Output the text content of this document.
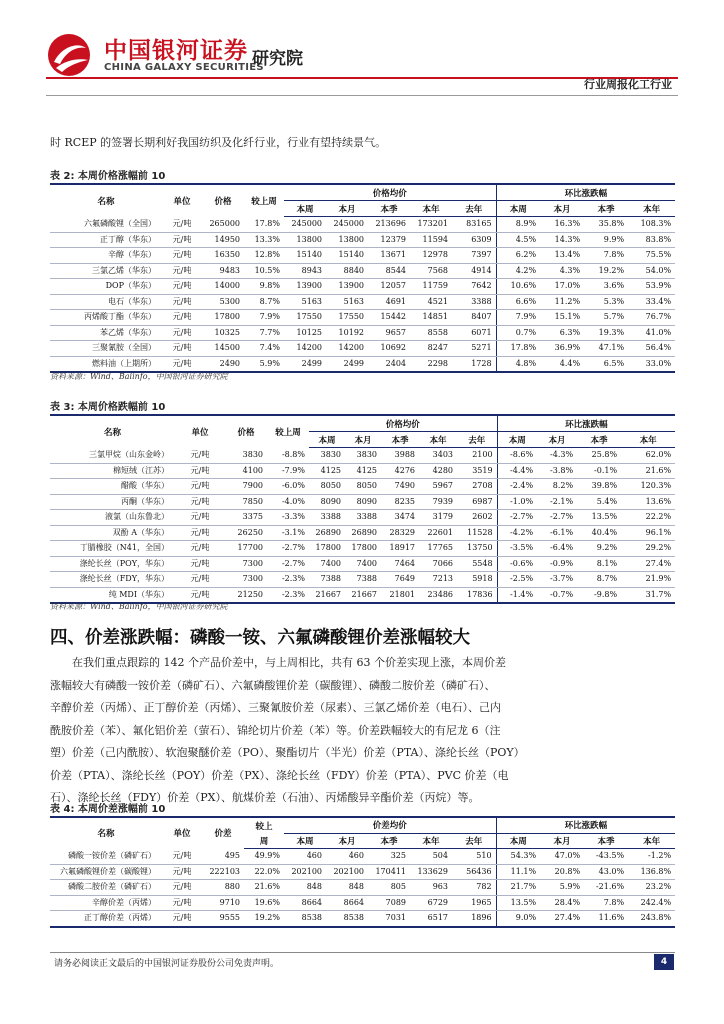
中国银河证券
CHINA GALAXY SECURITIES
研究院
行业周报化工行业
时 RCEP 的签署长期利好我国纺织及化纤行业，行业有望持续景气。
表 2: 本周价格涨幅前 10
名称	单位	价格	较上周	价格均价					环比涨跌幅			
				本周	本月	本季	本年	去年	本周	本月	本季	本年
六氟磷酸锂（全国）	元/吨	265000	17.8%	245000	245000	213696	173201	83165	8.9%	16.3%	35.8%	108.3%
正丁醇（华东）	元/吨	14950	13.3%	13800	13800	12379	11594	6309	4.5%	14.3%	9.9%	83.8%
辛醇（华东）	元/吨	16350	12.8%	15140	15140	13671	12978	7397	6.2%	13.4%	7.8%	75.5%
三氯乙烯（华东）	元/吨	9483	10.5%	8943	8840	8544	7568	4914	4.2%	4.3%	19.2%	54.0%
DOP（华东）	元/吨	14000	9.8%	13900	13900	12057	11759	7642	10.6%	17.0%	3.6%	53.9%
电石（华东）	元/吨	5300	8.7%	5163	5163	4691	4521	3388	6.6%	11.2%	5.3%	33.4%
丙烯酸丁酯（华东）	元/吨	17800	7.9%	17550	17550	15442	14851	8407	7.9%	15.1%	5.7%	76.7%
苯乙烯（华东）	元/吨	10325	7.7%	10125	10192	9657	8558	6071	0.7%	6.3%	19.3%	41.0%
三聚氰胺（全国）	元/吨	14500	7.4%	14200	14200	10692	8247	5271	17.8%	36.9%	47.1%	56.4%
燃料油（上期所）	元/吨	2490	5.9%	2499	2499	2404	2298	1728	4.8%	4.4%	6.5%	33.0%
资料来源：Wind、Baiinfo，中国银河证券研究院
表 3: 本周价格跌幅前 10
名称	单位	价格	较上周	价格均价					环比涨跌幅			
				本周	本月	本季	本年	去年	本周	本月	本季	本年
三氯甲烷（山东金岭）	元/吨	3830	-8.8%	3830	3830	3988	3403	2100	-8.6%	-4.3%	25.8%	62.0%
棉短绒（江苏）	元/吨	4100	-7.9%	4125	4125	4276	4280	3519	-4.4%	-3.8%	-0.1%	21.6%
醋酸（华东）	元/吨	7900	-6.0%	8050	8050	7490	5967	2708	-2.4%	8.2%	39.8%	120.3%
丙酮（华东）	元/吨	7850	-4.0%	8090	8090	8235	7939	6987	-1.0%	-2.1%	5.4%	13.6%
液氯（山东鲁北）	元/吨	3375	-3.3%	3388	3388	3474	3179	2602	-2.7%	-2.7%	13.5%	22.2%
双酚 A（华东）	元/吨	26250	-3.1%	26890	26890	28329	22601	11528	-4.2%	-6.1%	40.4%	96.1%
丁腈橡胶（N41，全国）	元/吨	17700	-2.7%	17800	17800	18917	17765	13750	-3.5%	-6.4%	9.2%	29.2%
涤纶长丝（POY，华东）	元/吨	7300	-2.7%	7400	7400	7464	7066	5548	-0.6%	-0.9%	8.1%	27.4%
涤纶长丝（FDY，华东）	元/吨	7300	-2.3%	7388	7388	7649	7213	5918	-2.5%	-3.7%	8.7%	21.9%
纯 MDI（华东）	元/吨	21250	-2.3%	21667	21667	21801	23486	17836	-1.4%	-0.7%	-9.8%	31.7%
资料来源：Wind、Baiinfo，中国银河证券研究院
四、价差涨跌幅：磷酸一铵、六氟磷酸锂价差涨幅较大
在我们重点跟踪的 142 个产品价差中，与上周相比，共有 63 个价差实现上涨，本周价差
涨幅较大有磷酸一铵价差（磷矿石）、六氟磷酸锂价差（碳酸锂）、磷酸二胺价差（磷矿石）、
辛醇价差（丙烯）、正丁醇价差（丙烯）、三聚氰胺价差（尿素）、三氯乙烯价差（电石）、己内
酰胺价差（苯）、氟化铝价差（萤石）、锦纶切片价差（苯）等。价差跌幅较大的有尼龙 6（注
塑）价差（己内酰胺）、软泡聚醚价差（PO）、聚酯切片（半光）价差（PTA）、涤纶长丝（POY）
价差（PTA）、涤纶长丝（POY）价差（PX）、涤纶长丝（FDY）价差（PTA）、PVC 价差（电
石）、涤纶长丝（FDY）价差（PX）、航煤价差（石油）、丙烯酸异辛酯价差（丙烷）等。
表 4: 本周价差涨幅前 10
名称	单位	价差	较上	价差均价					环比涨跌幅			
			周	本周	本月	本季	本年	去年	本周	本月	本季	本年
磷酸一铵价差（磷矿石）	元/吨	495	49.9%	460	460	325	504	510	54.3%	47.0%	-43.5%	-1.2%
六氟磷酸锂价差（碳酸锂）	元/吨	222103	22.0%	202100	202100	170411	133629	56436	11.1%	20.8%	43.0%	136.8%
磷酸二胺价差（磷矿石）	元/吨	880	21.6%	848	848	805	963	782	21.7%	5.9%	-21.6%	23.2%
辛醇价差（丙烯）	元/吨	9710	19.6%	8664	8664	7089	6729	1965	13.5%	28.4%	7.8%	242.4%
正丁醇价差（丙烯）	元/吨	9555	19.2%	8538	8538	7031	6517	1896	9.0%	27.4%	11.6%	243.8%
请务必阅读正文最后的中国银河证券股份公司免责声明。	4
